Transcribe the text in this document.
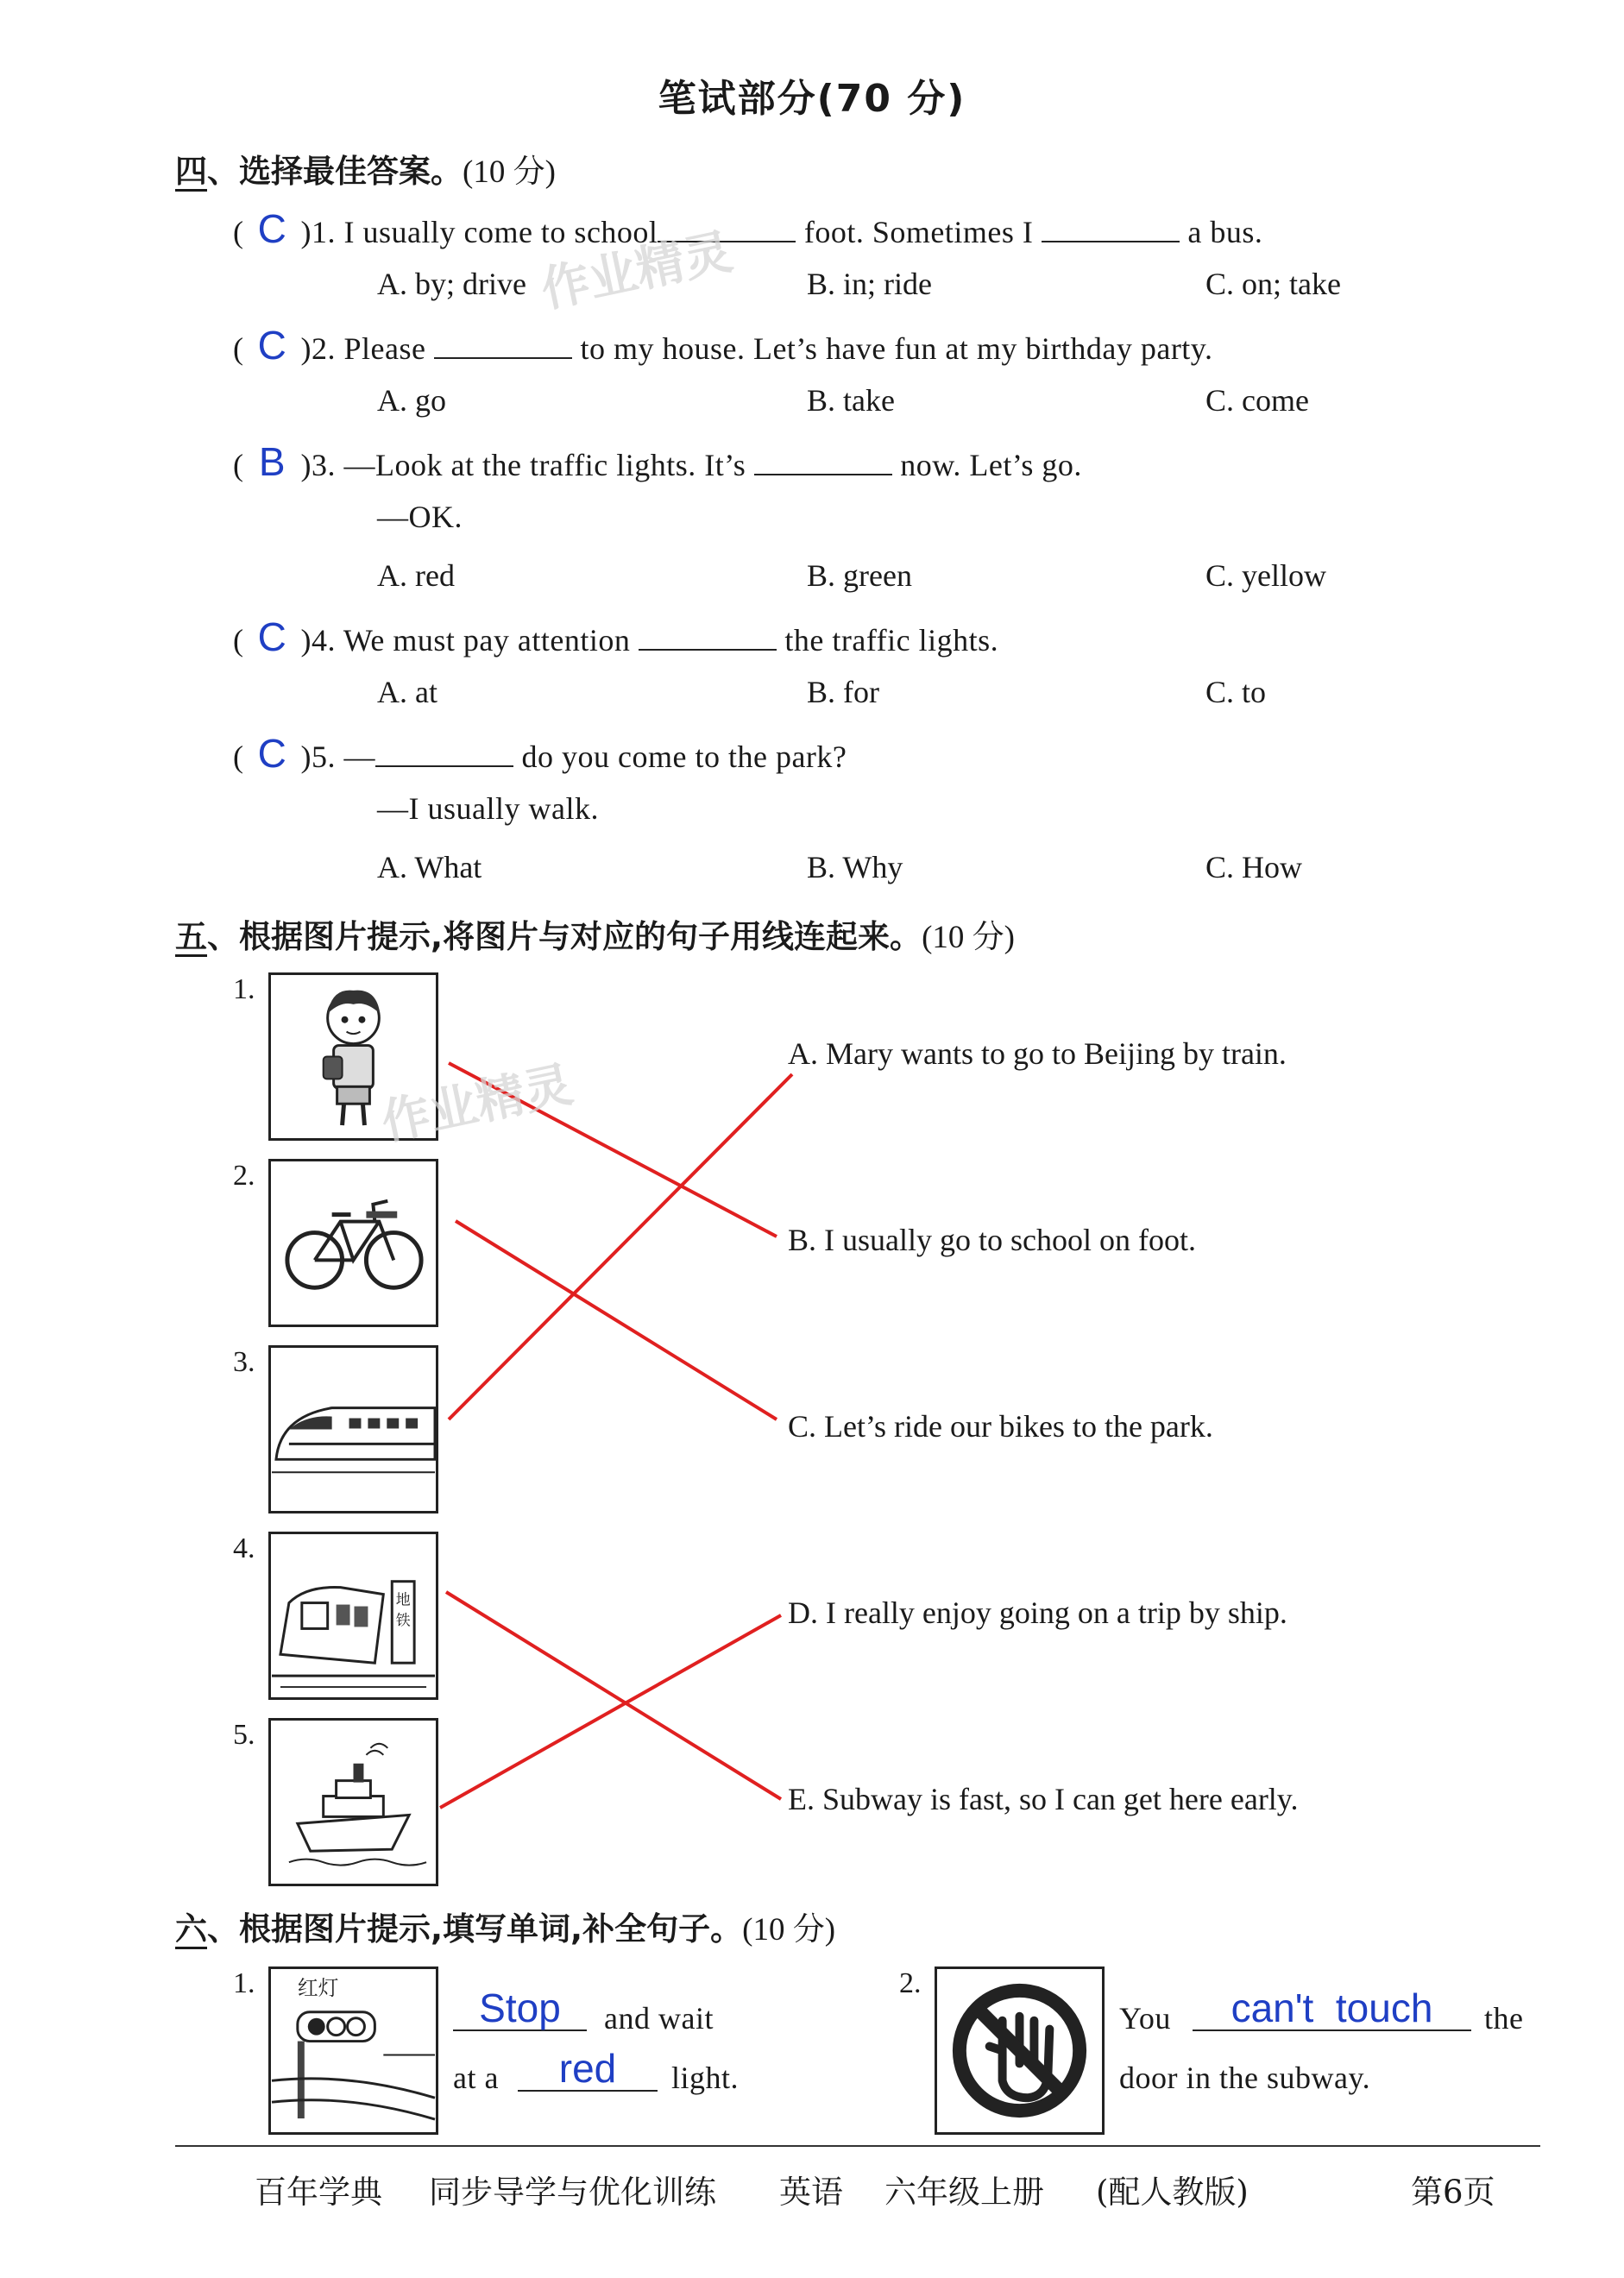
笔试部分(70 分)
四、选择最佳答案。(10 分)
( C )1. I usually come to school	foot. Sometimes I	a bus.
A. by; drive	B. in; ride	C. on; take
( C )2. Please	to my house. Let’s have fun at my birthday party.
A. go	B. take	C. come
( B )3. —Look at the traffic lights. It’s	now. Let’s go.
—OK.
A. red	B. green	C. yellow
( C )4. We must pay attention	the traffic lights.
A. at	B. for	C. to
( C )5. —	do you come to the park?
—I usually walk.
A. What	B. Why	C. How
五、根据图片提示,将图片与对应的句子用线连起来。(10 分)
1.
2.
3.
4.
5.
地
铁
A. Mary wants to go to Beijing by train.
B. I usually go to school on foot.
C. Let’s ride our bikes to the park.
D. I really enjoy going on a trip by ship.
E. Subway is fast, so I can get here early.
六、根据图片提示,填写单词,补全句子。(10 分)
1. 红灯	Stop	and wait
at a	red	light.
2.
You	can't  touch	the
door in the subway.
作业精灵
作业精灵
百年学典 同步导学与优化训练 英语 六年级上册 (配人教版)	第6页
